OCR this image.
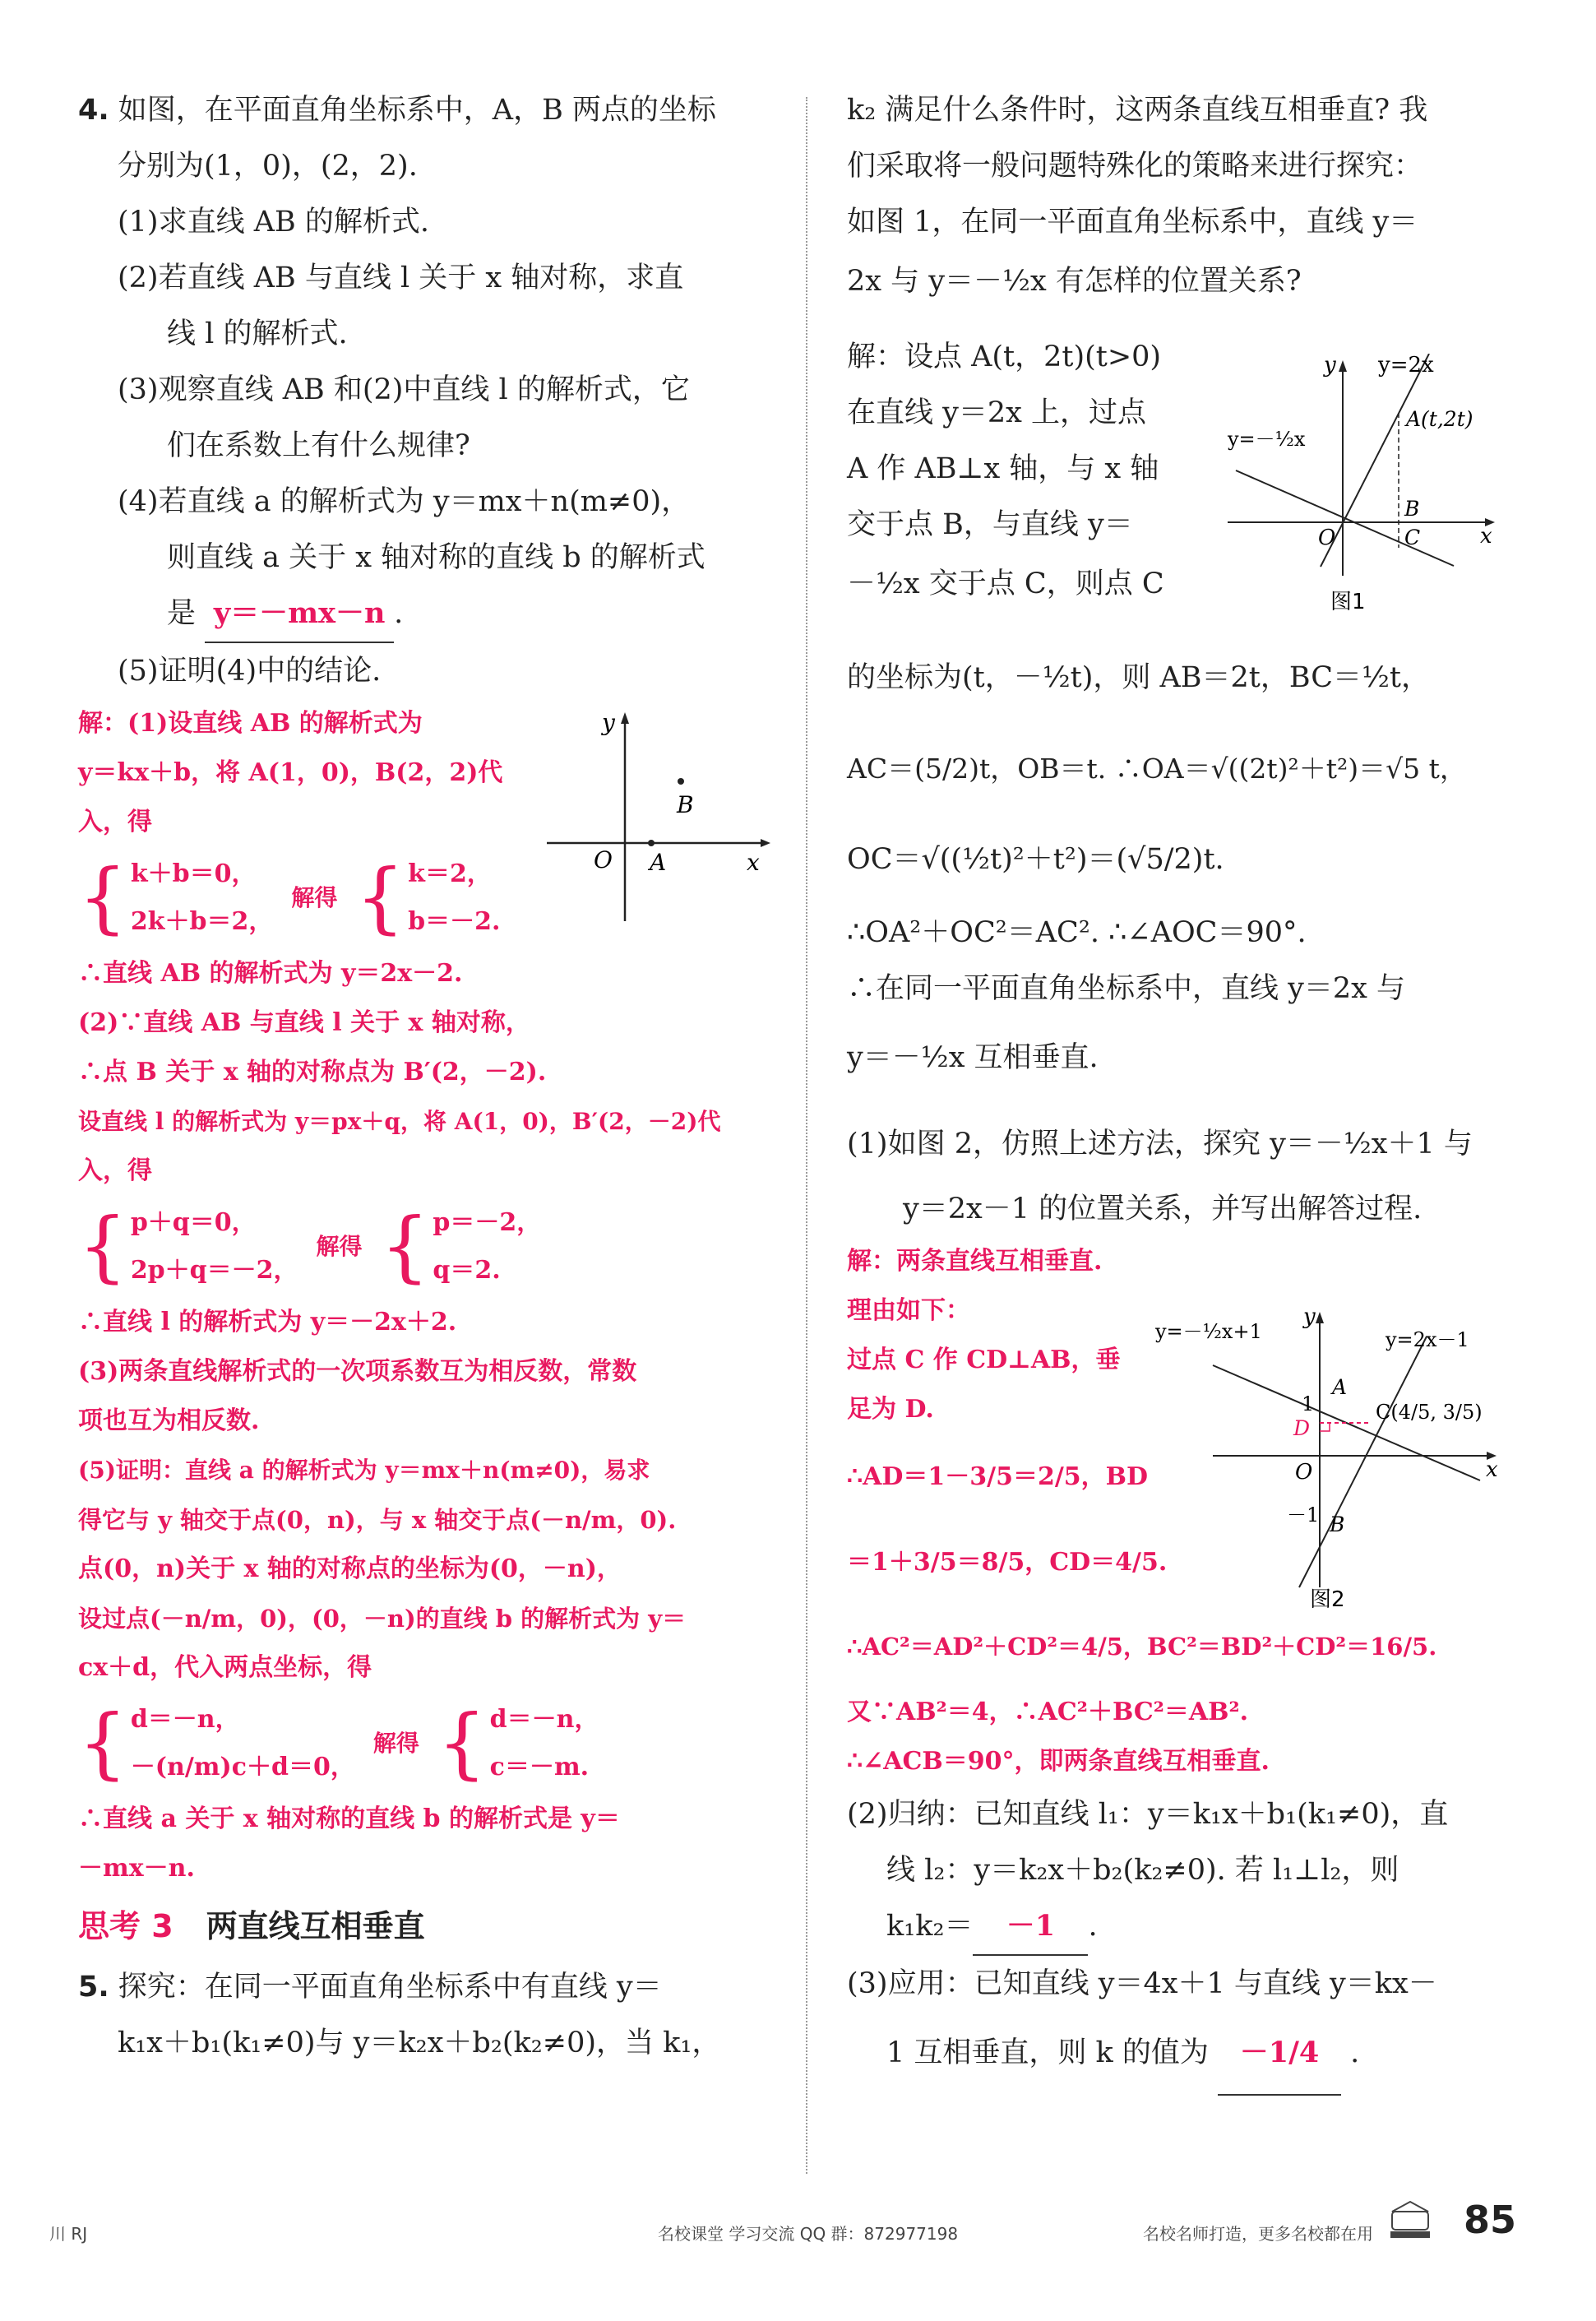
4. 如图，在平面直角坐标系中，A，B 两点的坐标
分别为(1，0)，(2，2).
(1)求直线 AB 的解析式.
(2)若直线 AB 与直线 l 关于 x 轴对称，求直
线 l 的解析式.
(3)观察直线 AB 和(2)中直线 l 的解析式，它
们在系数上有什么规律?
(4)若直线 a 的解析式为 y＝mx＋n(m≠0)，
则直线 a 关于 x 轴对称的直线 b 的解析式
是 y＝－mx－n .
(5)证明(4)中的结论.
解：(1)设直线 AB 的解析式为
y＝kx＋b，将 A(1，0)，B(2，2)代
入，得
{ k＋b＝0，
2k＋b＝2，
解得 { k＝2，
b＝－2.
∴直线 AB 的解析式为 y＝2x－2.
(2)∵直线 AB 与直线 l 关于 x 轴对称，
∴点 B 关于 x 轴的对称点为 B′(2，－2).
设直线 l 的解析式为 y＝px＋q，将 A(1，0)，B′(2，－2)代
入，得
{ p＋q＝0，
2p＋q＝－2，
解得 { p＝－2，
q＝2.
∴直线 l 的解析式为 y＝－2x＋2.
(3)两条直线解析式的一次项系数互为相反数，常数
项也互为相反数.
(5)证明：直线 a 的解析式为 y＝mx＋n(m≠0)，易求
得它与 y 轴交于点(0，n)，与 x 轴交于点(－n/m，0).
点(0，n)关于 x 轴的对称点的坐标为(0，－n)，
设过点(－n/m，0)，(0，－n)的直线 b 的解析式为 y＝
cx＋d，代入两点坐标，得
{ d＝－n，
－(n/m)c＋d＝0，
解得 { d＝－n，
c＝－m.
∴直线 a 关于 x 轴对称的直线 b 的解析式是 y＝
－mx－n.
思考 3 两直线互相垂直
5. 探究：在同一平面直角坐标系中有直线 y＝
k₁x＋b₁(k₁≠0)与 y＝k₂x＋b₂(k₂≠0)，当 k₁，
y
x
O A
B
k₂ 满足什么条件时，这两条直线互相垂直? 我
们采取将一般问题特殊化的策略来进行探究：
如图 1，在同一平面直角坐标系中，直线 y＝
2x 与 y＝－½x 有怎样的位置关系?
解：设点 A(t，2t)(t>0)
在直线 y＝2x 上，过点
A 作 AB⊥x 轴，与 x 轴
交于点 B，与直线 y＝
－½x 交于点 C，则点 C
的坐标为(t，－½t)，则 AB＝2t，BC＝½t，
AC＝(5/2)t，OB＝t. ∴OA＝√((2t)²＋t²)＝√5 t，
OC＝√((½t)²＋t²)＝(√5/2)t.
∴OA²＋OC²＝AC². ∴∠AOC＝90°.
∴在同一平面直角坐标系中，直线 y＝2x 与
y＝－½x 互相垂直.
(1)如图 2，仿照上述方法，探究 y＝－½x＋1 与
y＝2x－1 的位置关系，并写出解答过程.
解：两条直线互相垂直.
理由如下：
过点 C 作 CD⊥AB，垂
足为 D.
∴AD＝1－3/5＝2/5，BD
＝1＋3/5＝8/5，CD＝4/5.
∴AC²＝AD²＋CD²＝4/5，BC²＝BD²＋CD²＝16/5.
又∵AB²＝4，∴AC²＋BC²＝AB².
∴∠ACB＝90°，即两条直线互相垂直.
(2)归纳：已知直线 l₁：y＝k₁x＋b₁(k₁≠0)，直
线 l₂：y＝k₂x＋b₂(k₂≠0). 若 l₁⊥l₂，则
k₁k₂＝ －1 .
(3)应用：已知直线 y＝4x＋1 与直线 y＝kx－
1 互相垂直，则 k 的值为 －1/4 .
y y=2x
y=－½x
A(t,2t)
B
C	x
O
图1
y=－½x+1	y=2x－1
y
A
1
D
C(4/5, 3/5)
x
O
－1 B
图2
川 RJ	名校课堂 学习交流 QQ 群：872977198	名校名师打造，更多名校都在用 85
